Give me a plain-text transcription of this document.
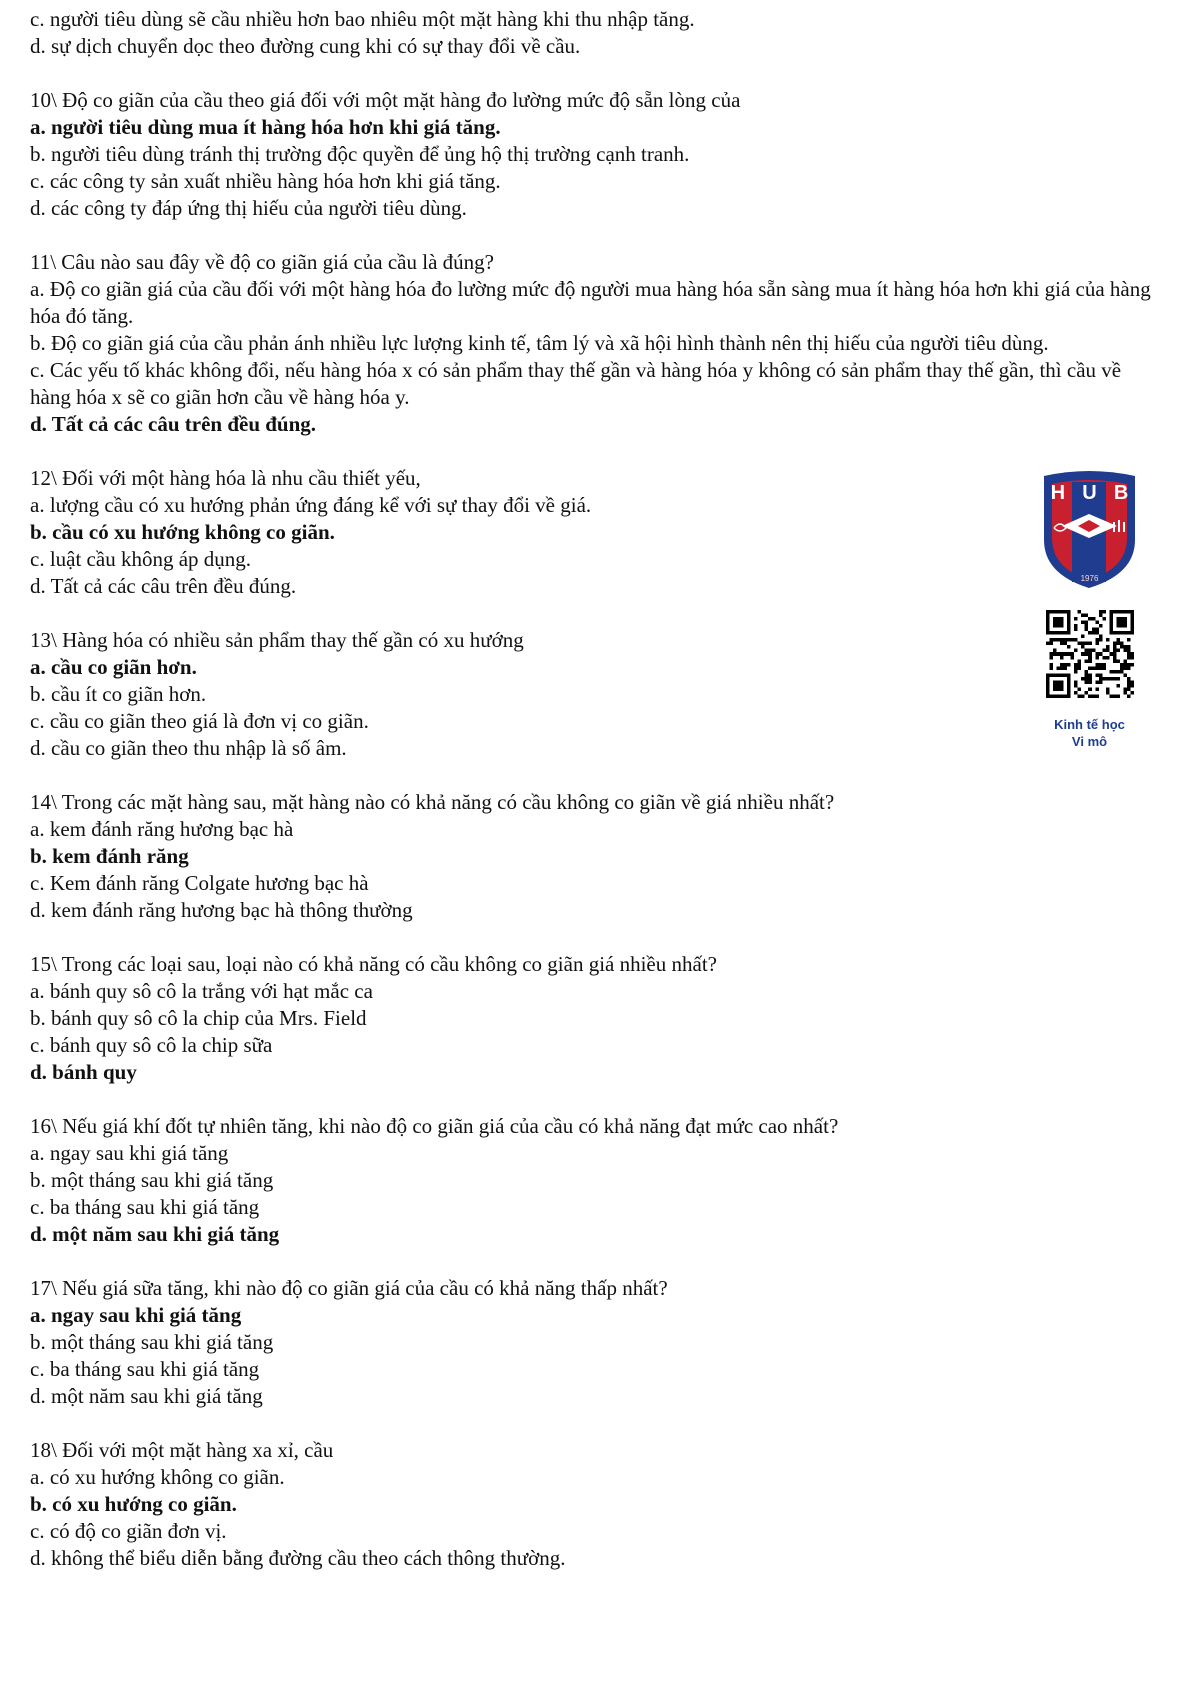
c. người tiêu dùng sẽ cầu nhiều hơn bao nhiêu một mặt hàng khi thu nhập tăng.
d. sự dịch chuyển dọc theo đường cung khi có sự thay đổi về cầu.
10\ Độ co giãn của cầu theo giá đối với một mặt hàng đo lường mức độ sẵn lòng của
a. người tiêu dùng mua ít hàng hóa hơn khi giá tăng.
b. người tiêu dùng tránh thị trường độc quyền để ủng hộ thị trường cạnh tranh.
c. các công ty sản xuất nhiều hàng hóa hơn khi giá tăng.
d. các công ty đáp ứng thị hiếu của người tiêu dùng.
11\ Câu nào sau đây về độ co giãn giá của cầu là đúng?
a. Độ co giãn giá của cầu đối với một hàng hóa đo lường mức độ người mua hàng hóa sẵn sàng mua ít hàng hóa hơn khi giá của hàng hóa đó tăng.
b. Độ co giãn giá của cầu phản ánh nhiều lực lượng kinh tế, tâm lý và xã hội hình thành nên thị hiếu của người tiêu dùng.
c. Các yếu tố khác không đổi, nếu hàng hóa x có sản phẩm thay thế gần và hàng hóa y không có sản phẩm thay thế gần, thì cầu về hàng hóa x sẽ co giãn hơn cầu về hàng hóa y.
d. Tất cả các câu trên đều đúng.
12\ Đối với một hàng hóa là nhu cầu thiết yếu,
a. lượng cầu có xu hướng phản ứng đáng kể với sự thay đổi về giá.
b. cầu có xu hướng không co giãn.
c. luật cầu không áp dụng.
d. Tất cả các câu trên đều đúng.
13\ Hàng hóa có nhiều sản phẩm thay thế gần có xu hướng
a. cầu co giãn hơn.
b. cầu ít co giãn hơn.
c. cầu co giãn theo giá là đơn vị co giãn.
d. cầu co giãn theo thu nhập là số âm.
14\ Trong các mặt hàng sau, mặt hàng nào có khả năng có cầu không co giãn về giá nhiều nhất?
a. kem đánh răng hương bạc hà
b. kem đánh răng
c. Kem đánh răng Colgate hương bạc hà
d. kem đánh răng hương bạc hà thông thường
15\ Trong các loại sau, loại nào có khả năng có cầu không co giãn giá nhiều nhất?
a. bánh quy sô cô la trắng với hạt mắc ca
b. bánh quy sô cô la chip của Mrs. Field
c. bánh quy sô cô la chip sữa
d. bánh quy
16\ Nếu giá khí đốt tự nhiên tăng, khi nào độ co giãn giá của cầu có khả năng đạt mức cao nhất?
a. ngay sau khi giá tăng
b. một tháng sau khi giá tăng
c. ba tháng sau khi giá tăng
d. một năm sau khi giá tăng
17\ Nếu giá sữa tăng, khi nào độ co giãn giá của cầu có khả năng thấp nhất?
a. ngay sau khi giá tăng
b. một tháng sau khi giá tăng
c. ba tháng sau khi giá tăng
d. một năm sau khi giá tăng
18\ Đối với một mặt hàng xa xỉ, cầu
a. có xu hướng không co giãn.
b. có xu hướng co giãn.
c. có độ co giãn đơn vị.
d. không thể biểu diễn bằng đường cầu theo cách thông thường.
H U B
1976
Kinh tế học
Vi mô
